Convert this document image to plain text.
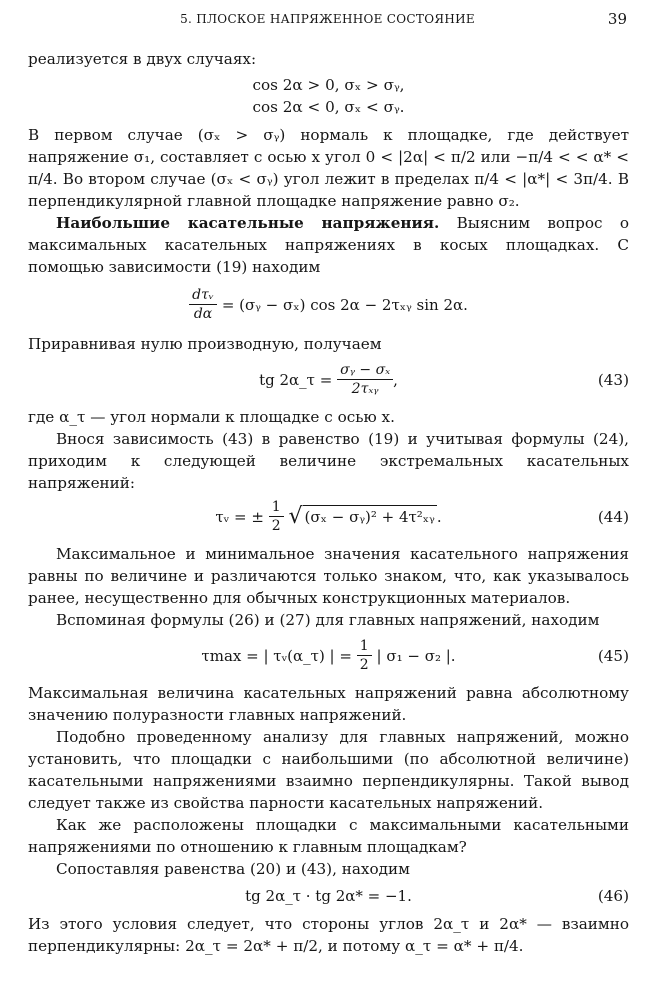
5. ПЛОСКОЕ НАПРЯЖЕННОЕ СОСТОЯНИЕ	39

реализуется в двух случаях:

cos 2α > 0, σₓ > σᵧ,
cos 2α < 0, σₓ < σᵧ.

В первом случае (σₓ > σᵧ) нормаль к площадке, где действует напряжение σ₁, составляет с осью x угол 0 < |2α| < π/2 или −π/4 < < α* < π/4. Во втором случае (σₓ < σᵧ) угол лежит в пределах π/4 < |α*| < 3π/4. В перпендикулярной главной площадке напряжение равно σ₂.

Наибольшие касательные напряжения. Выясним вопрос о максимальных касательных напряжениях в косых площадках. С помощью зависимости (19) находим

$\frac{\text{dτᵥ}}{d\alpha}$ = (σᵧ − σₓ) cos 2α − 2τₓᵧ sin 2α.

Приравнивая нулю производную, получаем

tg 2α_τ = $\frac{\text{σᵧ − σₓ}}{\text{2τₓᵧ}}$ ,	(43)

где α_τ — угол нормали к площадке с осью x.

Внося зависимость (43) в равенство (19) и учитывая формулы (24), приходим к следующей величине экстремальных касательных напряжений:

τᵥ = ± $\frac{1}{2}$ √ (σₓ − σᵧ)² + 4τ²ₓᵧ .	(44)

Максимальное и минимальное значения касательного напряжения равны по величине и различаются только знаком, что, как указывалось ранее, несущественно для обычных конструкционных материалов.

Вспоминая формулы (26) и (27) для главных напряжений, находим

τmax = | τᵥ(α_τ) | = $\frac{1}{2}$ | σ₁ − σ₂ |.	(45)

Максимальная величина касательных напряжений равна абсолютному значению полуразности главных напряжений.

Подобно проведенному анализу для главных напряжений, можно установить, что площадки с наибольшими (по абсолютной величине) касательными напряжениями взаимно перпендикулярны. Такой вывод следует также из свойства парности касательных напряжений.

Как же расположены площадки с максимальными касательными напряжениями по отношению к главным площадкам?

Сопоставляя равенства (20) и (43), находим

tg 2α_τ · tg 2α* = −1.	(46)

Из этого условия следует, что стороны углов 2α_τ и 2α* — взаимно перпендикулярны: 2α_τ = 2α* + π/2, и потому α_τ = α* + π/4.
